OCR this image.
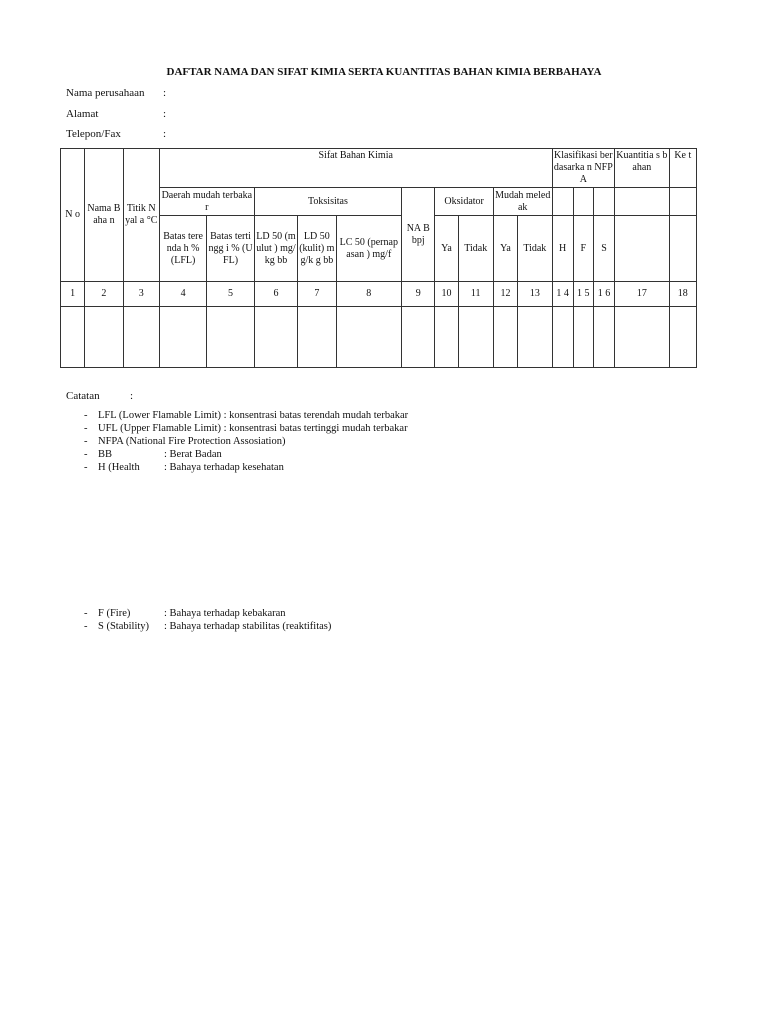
DAFTAR NAMA DAN SIFAT KIMIA SERTA KUANTITAS BAHAN KIMIA BERBAHAYA
Nama perusahaan :
Alamat	:
Telepon/Fax	:
N o	Nama Baha n	Titik Nyal a °C	Sifat Bahan Kimia										Klasifikasi berdasarka n NFPA			Kuantitia s bahan	Ke t
			Daerah mudah terbakar		Toksisitas			NA B bpj	Oksidator		Mudah meledak						
			Batas terenda h % (LFL)	Batas tertingg i % (UFL)	LD 50 (mulut ) mg/kg bb	LD 50 (kulit) mg/k g bb	LC 50 (pernapasan ) mg/f		Ya	Tidak	Ya	Tidak	H	F	S		
1	2	3	4	5	6	7	8	9	10	11	12	13	1 4	1 5	1 6	17	18

Catatan	:
- LFL (Lower Flamable Limit) : konsentrasi batas terendah mudah terbakar
- UFL (Upper Flamable Limit) : konsentrasi batas tertinggi mudah terbakar
- NFPA (National Fire Protection Assosiation)
- BB	: Berat Badan
- H (Health : Bahaya terhadap kesehatan
- F (Fire)	: Bahaya terhadap kebakaran
- S (Stability) : Bahaya terhadap stabilitas (reaktifitas)
